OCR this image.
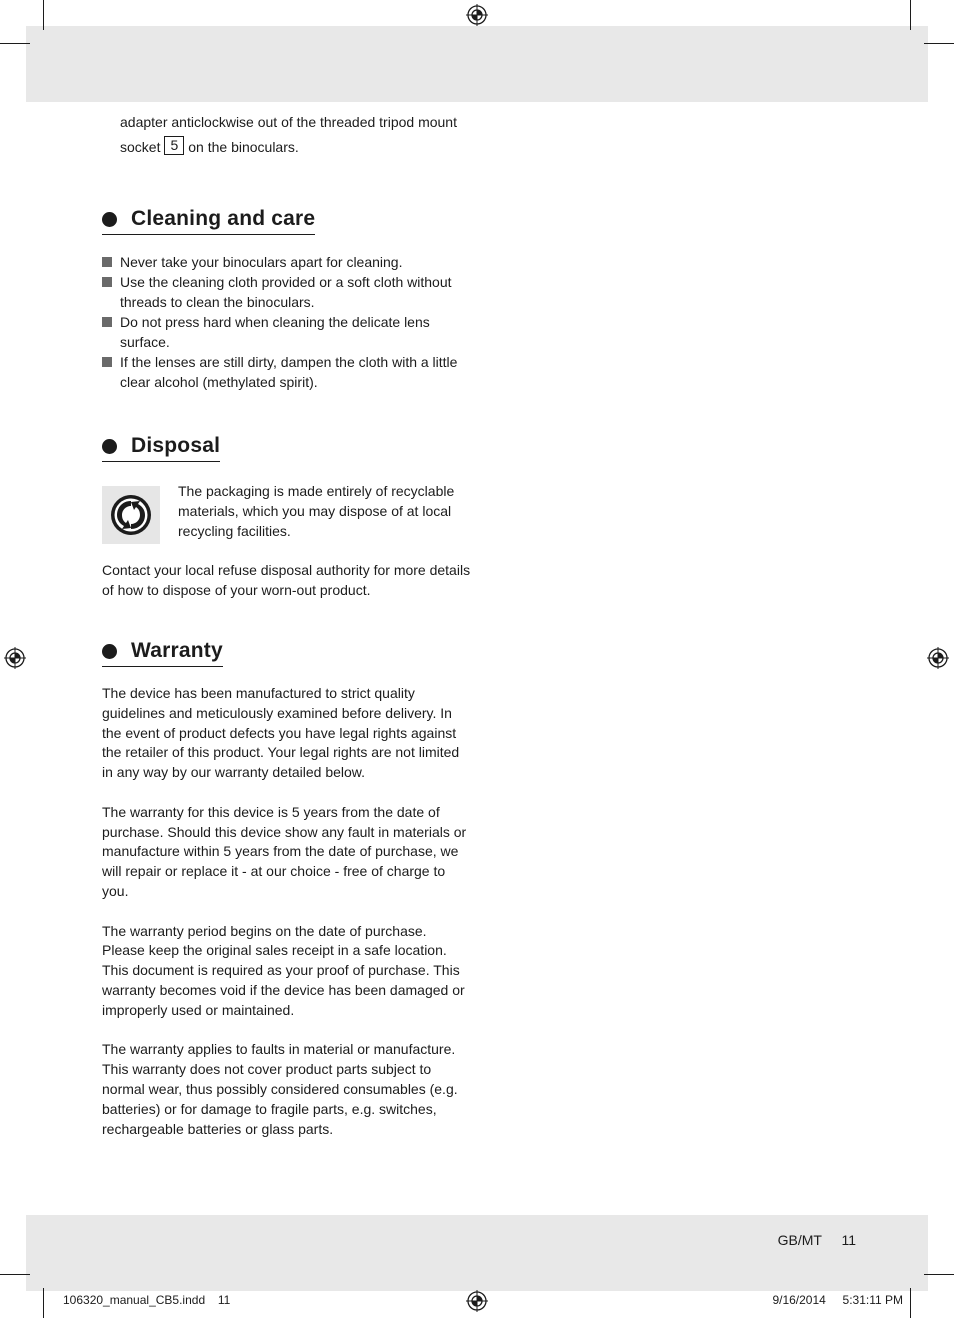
adapter anticlockwise out of the threaded tripod mount
socket 5 on the binoculars.
Cleaning and care
Never take your binoculars apart for cleaning.
Use the cleaning cloth provided or a soft cloth without threads to clean the binoculars.
Do not press hard when cleaning the delicate lens surface.
If the lenses are still dirty, dampen the cloth with a little clear alcohol (methylated spirit).
Disposal

The packaging is made entirely of recyclable materials, which you may dispose of at local recycling facilities.

Contact your local refuse disposal authority for more details of how to dispose of your worn-out product.

Warranty

The device has been manufactured to strict quality guidelines and meticulously examined before delivery. In the event of product defects you have legal rights against the retailer of this product. Your legal rights are not limited in any way by our warranty detailed below.

The warranty for this device is 5 years from the date of purchase. Should this device show any fault in materials or manufacture within 5 years from the date of purchase, we will repair or replace it - at our choice - free of charge to you.

The warranty period begins on the date of purchase. Please keep the original sales receipt in a safe location. This document is required as your proof of purchase. This warranty becomes void if the device has been damaged or improperly used or maintained.

The warranty applies to faults in material or manufacture. This warranty does not cover product parts subject to normal wear, thus possibly considered consumables (e.g. batteries) or for damage to fragile parts, e.g. switches, rechargeable batteries or glass parts.

GB/MT 11
106320_manual_CB5.indd 11	9/16/2014 5:31:11 PM
